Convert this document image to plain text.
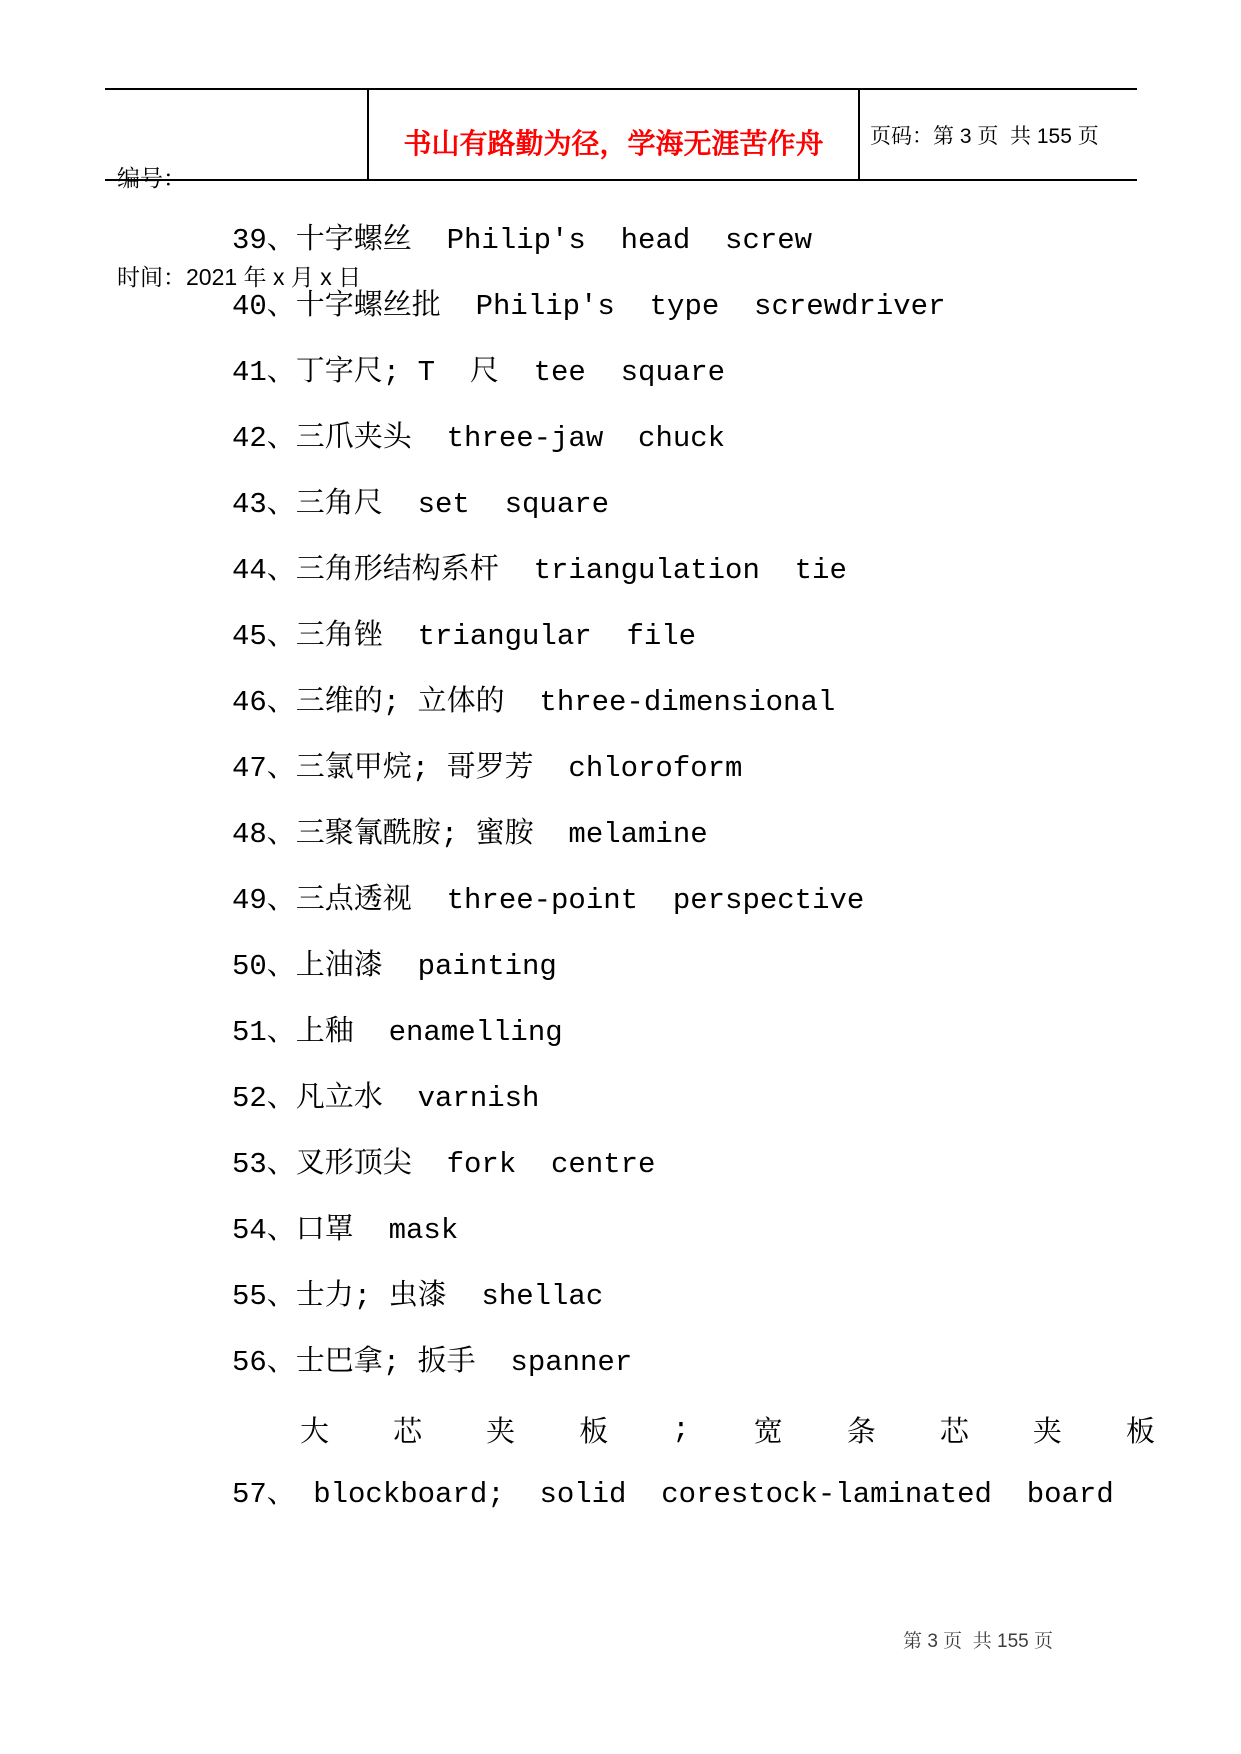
编号：

时间：2021 年 x 月 x 日

书山有路勤为径，学海无涯苦作舟 页码：第 3 页  共 155 页
39、十字螺丝  Philip's  head  screw
40、十字螺丝批  Philip's  type  screwdriver
41、丁字尺; T  尺  tee  square
42、三爪夹头  three-jaw  chuck
43、三角尺  set  square
44、三角形结构系杆  triangulation  tie
45、三角锉  triangular  file
46、三维的; 立体的  three-dimensional
47、三氯甲烷; 哥罗芳  chloroform
48、三聚氰酰胺; 蜜胺  melamine
49、三点透视  three-point  perspective
50、上油漆  painting
51、上釉  enamelling
52、凡立水  varnish
53、叉形顶尖  fork  centre
54、口罩  mask
55、士力; 虫漆  shellac
56、士巴拿; 扳手  spanner
大 芯 夹 板 ; 宽 条 芯 夹 板
57、 blockboard;  solid  corestock-laminated  board
第 3 页  共 155 页
